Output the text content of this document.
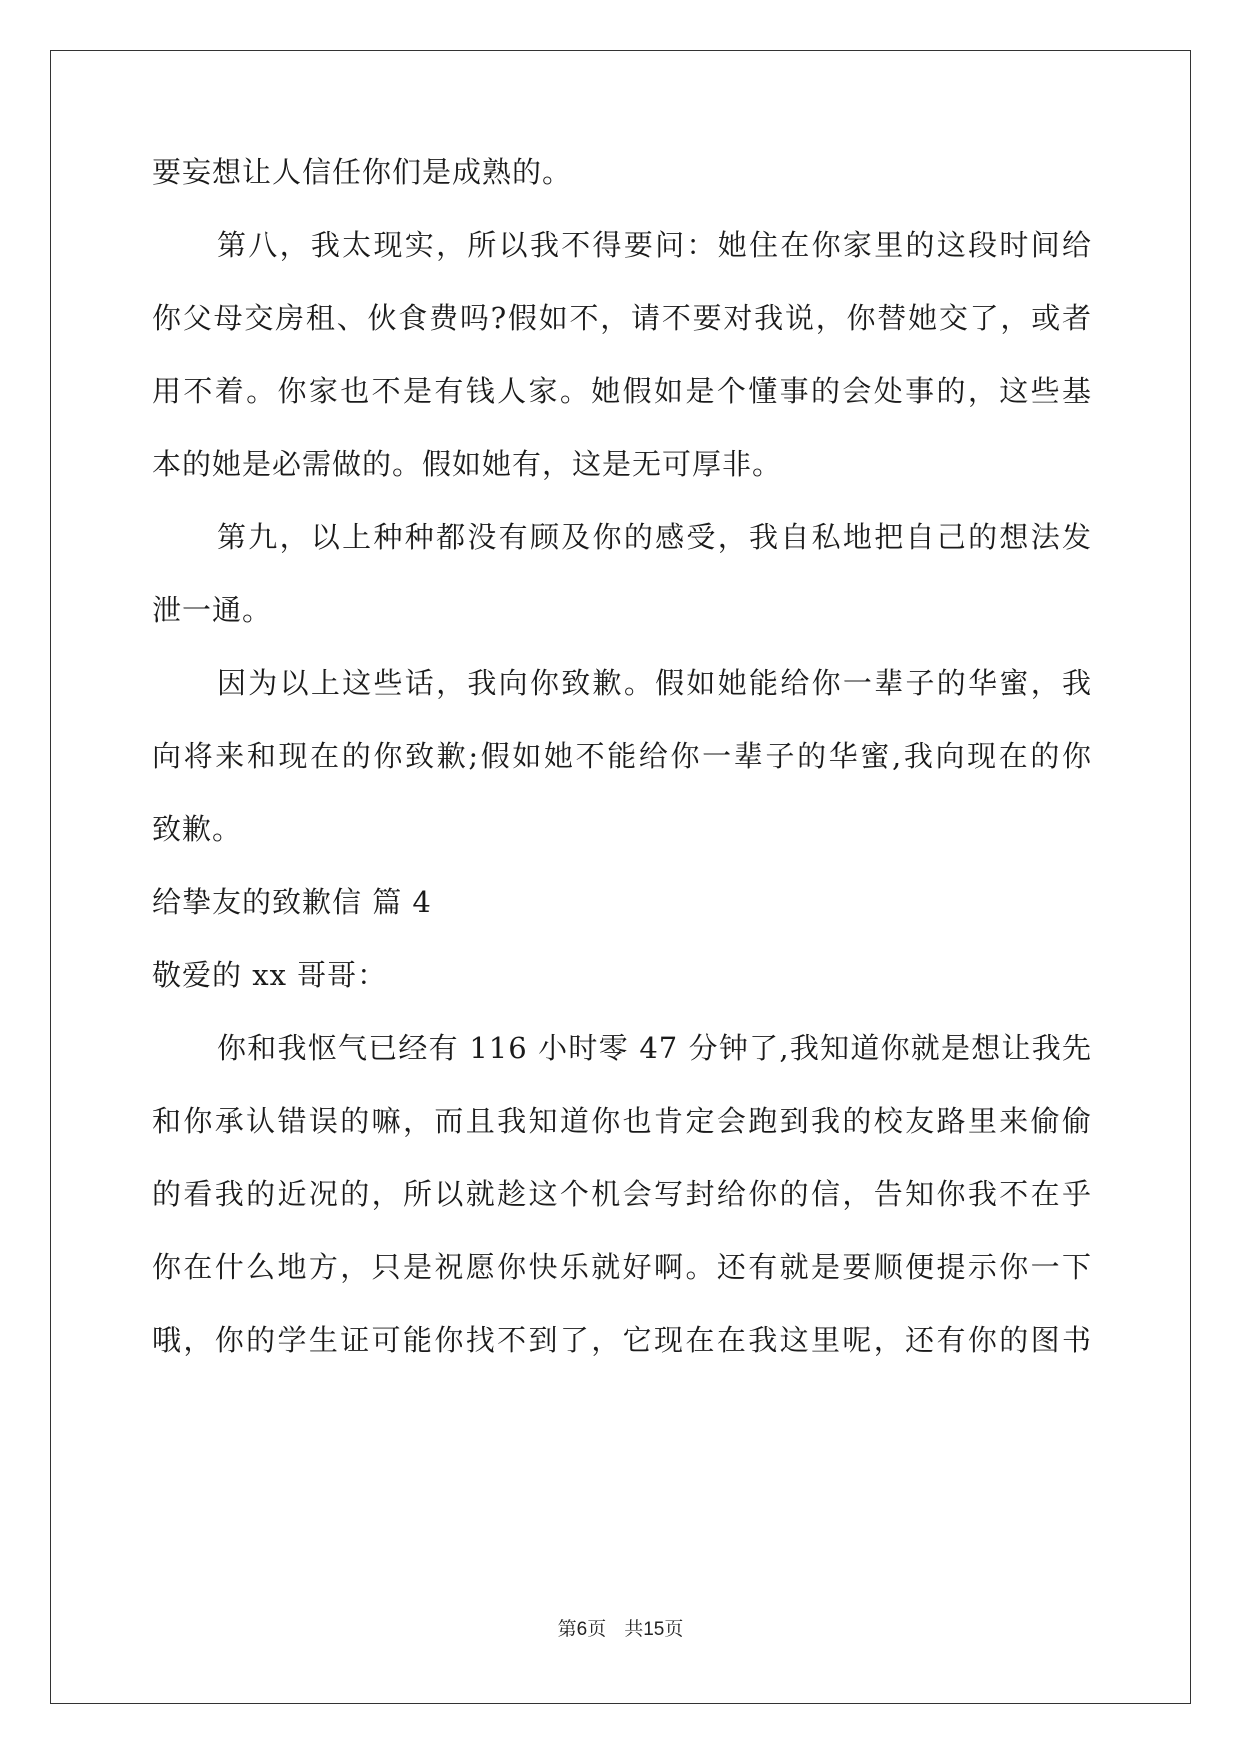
要妄想让人信任你们是成熟的。
第八，我太现实，所以我不得要问：她住在你家里的这段时间给
你父母交房租、伙食费吗?假如不，请不要对我说，你替她交了，或者
用不着。你家也不是有钱人家。她假如是个懂事的会处事的，这些基
本的她是必需做的。假如她有，这是无可厚非。
第九，以上种种都没有顾及你的感受，我自私地把自己的想法发
泄一通。
因为以上这些话，我向你致歉。假如她能给你一辈子的华蜜，我
向将来和现在的你致歉;假如她不能给你一辈子的华蜜,我向现在的你
致歉。
给挚友的致歉信 篇 4
敬爱的 xx 哥哥：
你和我怄气已经有 116 小时零 47 分钟了,我知道你就是想让我先
和你承认错误的嘛，而且我知道你也肯定会跑到我的校友路里来偷偷
的看我的近况的，所以就趁这个机会写封给你的信，告知你我不在乎
你在什么地方，只是祝愿你快乐就好啊。还有就是要顺便提示你一下
哦，你的学生证可能你找不到了，它现在在我这里呢，还有你的图书
第6页 共15页
